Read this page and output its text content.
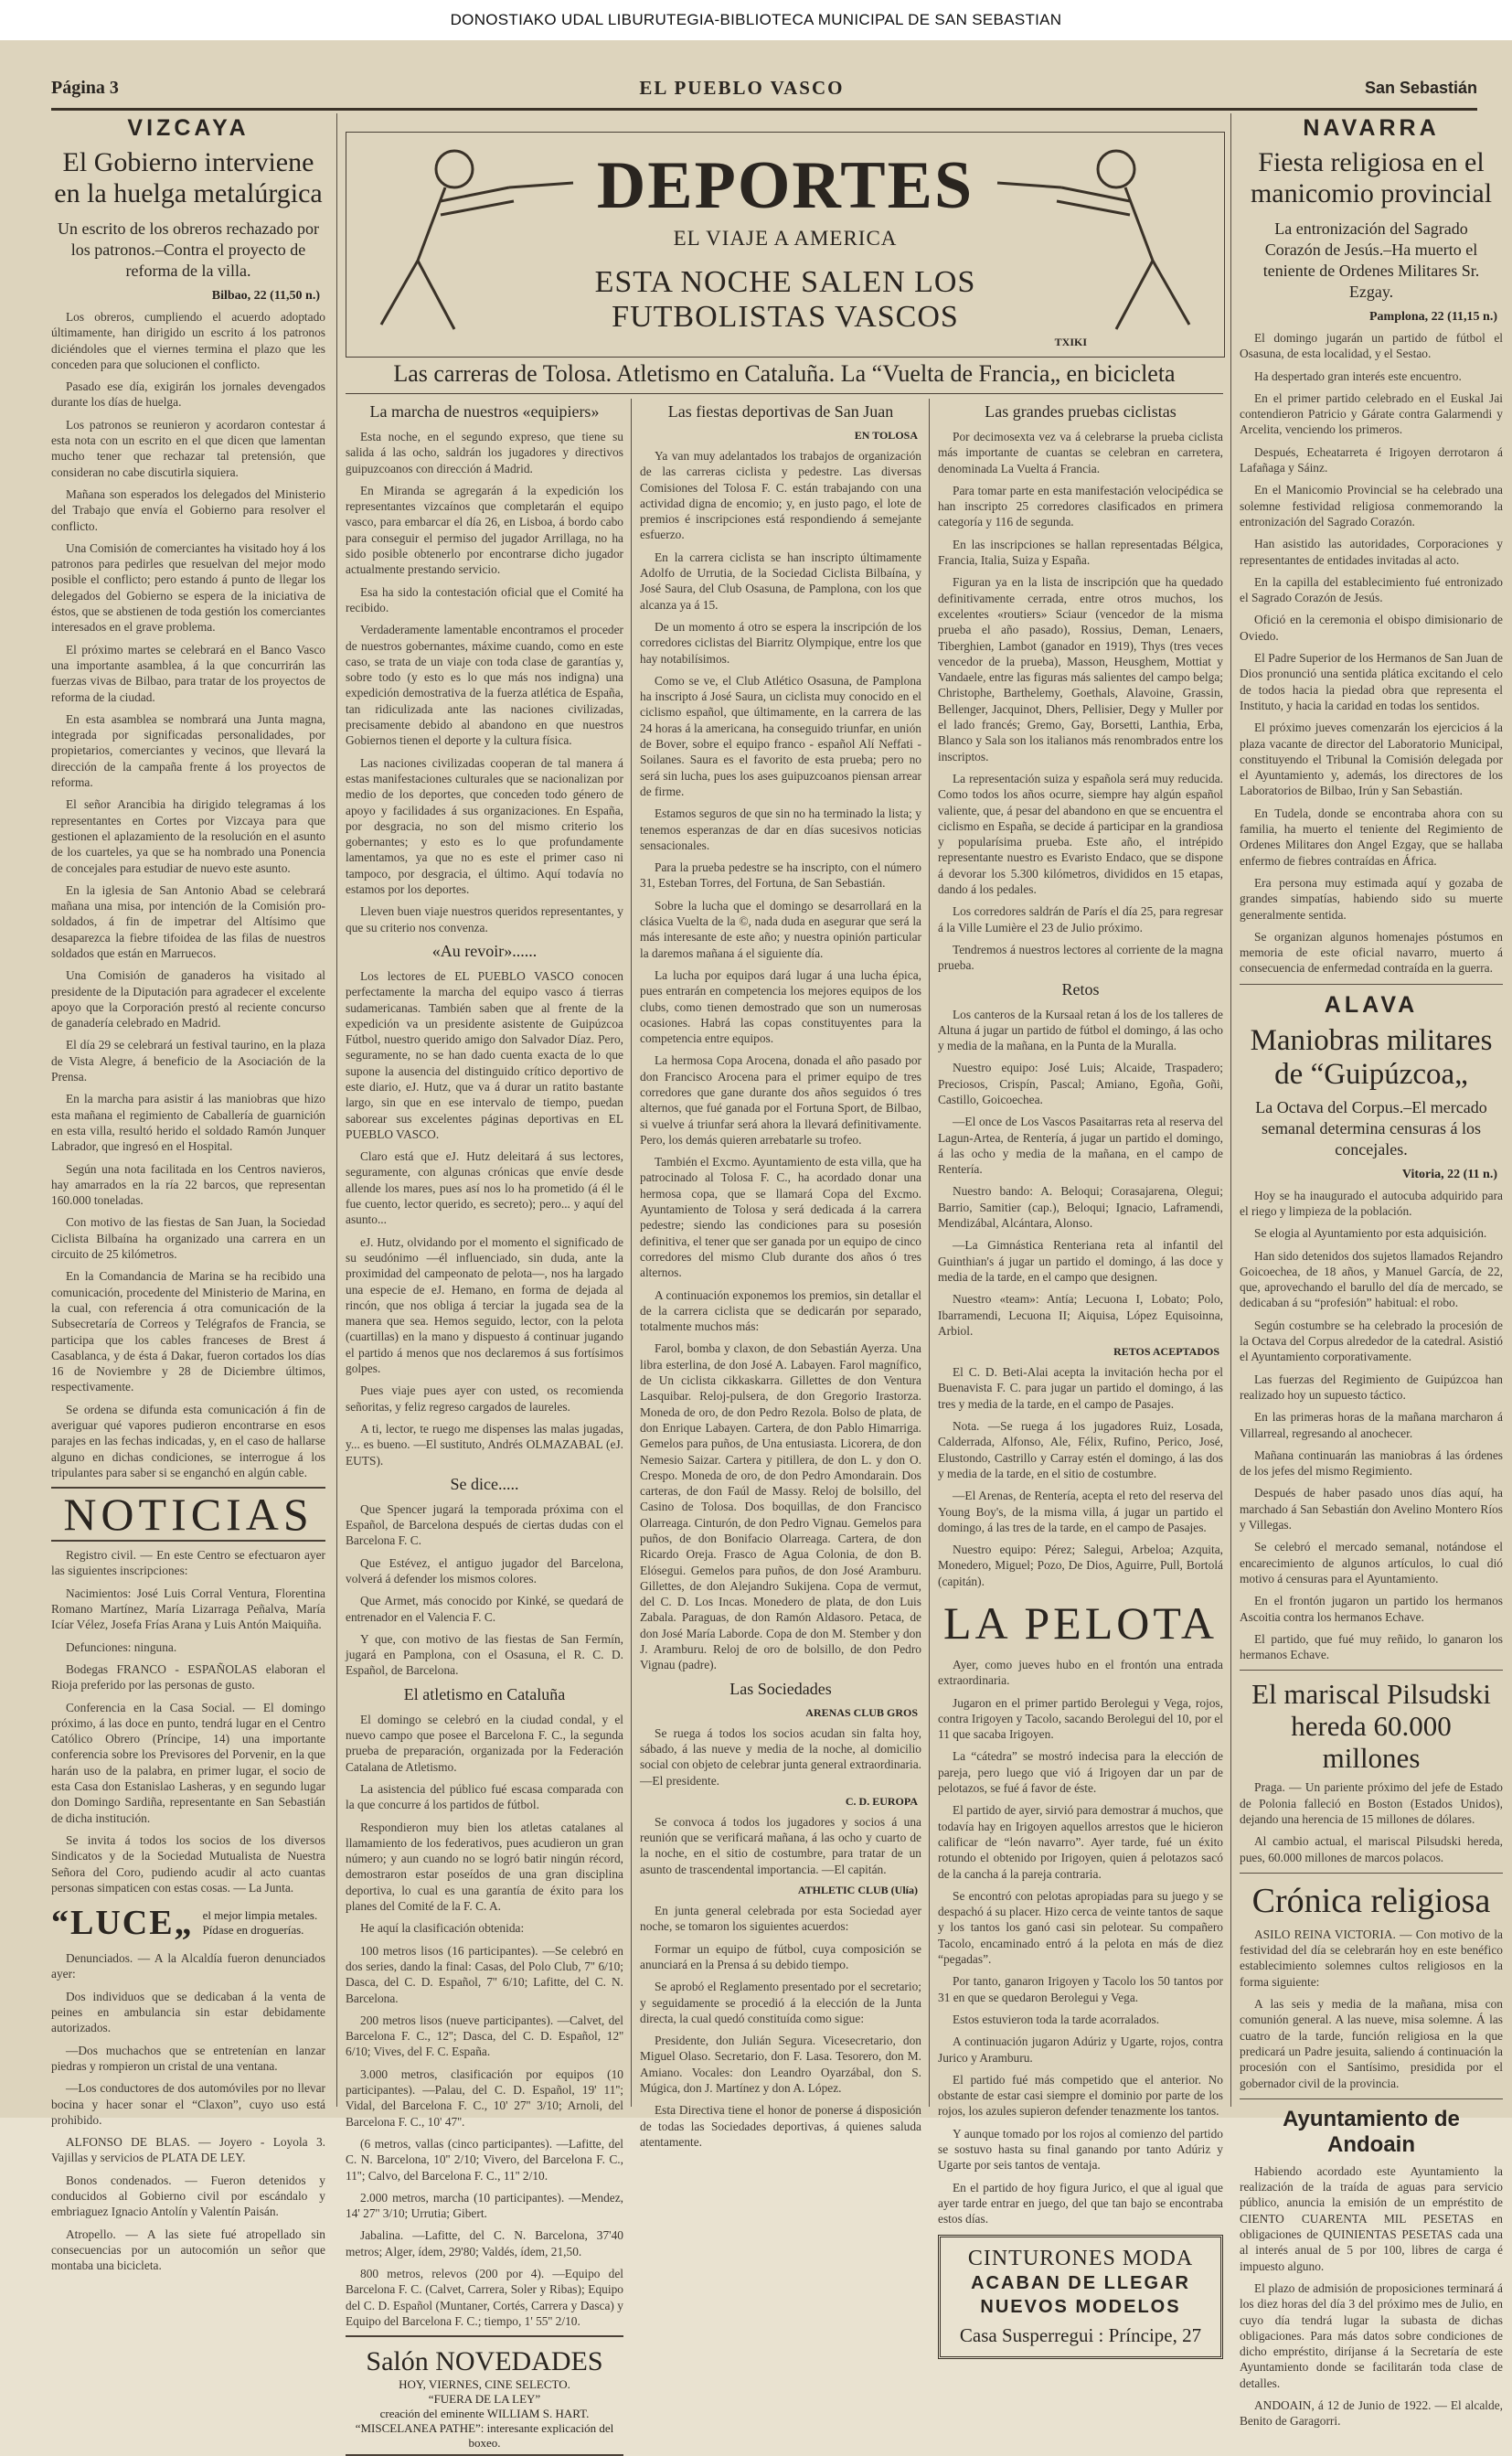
DONOSTIAKO UDAL LIBURUTEGIA-BIBLIOTECA MUNICIPAL DE SAN SEBASTIAN
Página 3	EL PUEBLO VASCO	San Sebastián
DEPORTES
EL VIAJE A AMERICA
ESTA NOCHE SALEN LOS FUTBOLISTAS VASCOS
TXIKI
Las carreras de Tolosa. Atletismo en Cataluña. La “Vuelta de Francia„ en bicicleta
VIZCAYA
El Gobierno interviene en la huelga metalúrgica
Un escrito de los obreros rechazado por los patronos.–Contra el proyecto de reforma de la villa.
Bilbao, 22 (11,50 n.)

Los obreros, cumpliendo el acuerdo adoptado últimamente, han dirigido un escrito á los patronos diciéndoles que el viernes termina el plazo que les conceden para que solucionen el conflicto.

Pasado ese día, exigirán los jornales devengados durante los días de huelga.

Los patronos se reunieron y acordaron contestar á esta nota con un escrito en el que dicen que lamentan mucho tener que rechazar tal pretensión, que consideran no cabe discutirla siquiera.

Mañana son esperados los delegados del Ministerio del Trabajo que envía el Gobierno para resolver el conflicto.

Una Comisión de comerciantes ha visitado hoy á los patronos para pedirles que resuelvan del mejor modo posible el conflicto; pero estando á punto de llegar los delegados del Gobierno se espera de la iniciativa de éstos, que se abstienen de toda gestión los comerciantes interesados en el grave problema.

El próximo martes se celebrará en el Banco Vasco una importante asamblea, á la que concurrirán las fuerzas vivas de Bilbao, para tratar de los proyectos de reforma de la ciudad.

En esta asamblea se nombrará una Junta magna, integrada por significadas personalidades, por propietarios, comerciantes y vecinos, que llevará la dirección de la campaña frente á los proyectos de reforma.

El señor Arancibia ha dirigido telegramas á los representantes en Cortes por Vizcaya para que gestionen el aplazamiento de la resolución en el asunto de los cuarteles, ya que se ha nombrado una Ponencia de concejales para estudiar de nuevo este asunto.

En la iglesia de San Antonio Abad se celebrará mañana una misa, por intención de la Comisión pro-soldados, á fin de impetrar del Altísimo que desaparezca la fiebre tifoidea de las filas de nuestros soldados que están en Marruecos.

Una Comisión de ganaderos ha visitado al presidente de la Diputación para agradecer el excelente apoyo que la Corporación prestó al reciente concurso de ganadería celebrado en Madrid.

El día 29 se celebrará un festival taurino, en la plaza de Vista Alegre, á beneficio de la Asociación de la Prensa.

En la marcha para asistir á las maniobras que hizo esta mañana el regimiento de Caballería de guarnición en esta villa, resultó herido el soldado Ramón Junquer Labrador, que ingresó en el Hospital.

Según una nota facilitada en los Centros navieros, hay amarrados en la ría 22 barcos, que representan 160.000 toneladas.

Con motivo de las fiestas de San Juan, la Sociedad Ciclista Bilbaína ha organizado una carrera en un circuito de 25 kilómetros.

En la Comandancia de Marina se ha recibido una comunicación, procedente del Ministerio de Marina, en la cual, con referencia á otra comunicación de la Subsecretaría de Correos y Telégrafos de Francia, se participa que los cables franceses de Brest á Casablanca, y de ésta á Dakar, fueron cortados los días 16 de Noviembre y 28 de Diciembre últimos, respectivamente.

Se ordena se difunda esta comunicación á fin de averiguar qué vapores pudieron encontrarse en esos parajes en las fechas indicadas, y, en el caso de hallarse alguno en dichas condiciones, se interrogue á los tripulantes para saber si se enganchó en algún cable.

NOTICIAS

Registro civil. — En este Centro se efectuaron ayer las siguientes inscripciones:

Nacimientos: José Luis Corral Ventura, Florentina Romano Martínez, María Lizarraga Peñalva, María Icíar Vélez, Josefa Frías Arana y Luis Antón Maiquiña.

Defunciones: ninguna.

Bodegas FRANCO - ESPAÑOLAS elaboran el Rioja preferido por las personas de gusto.

Conferencia en la Casa Social. — El domingo próximo, á las doce en punto, tendrá lugar en el Centro Católico Obrero (Príncipe, 14) una importante conferencia sobre los Previsores del Porvenir, en la que harán uso de la palabra, en primer lugar, el socio de esta Casa don Estanislao Lasheras, y en segundo lugar don Domingo Sardiña, representante en San Sebastián de dicha institución.

Se invita á todos los socios de los diversos Sindicatos y de la Sociedad Mutualista de Nuestra Señora del Coro, pudiendo acudir al acto cuantas personas simpaticen con estas cosas. — La Junta.

“LUCE„ el mejor limpia metales. Pídase en droguerías.

Denunciados. — A la Alcaldía fueron denunciados ayer:

Dos individuos que se dedicaban á la venta de peines en ambulancia sin estar debidamente autorizados.

—Dos muchachos que se entretenían en lanzar piedras y rompieron un cristal de una ventana.

—Los conductores de dos automóviles por no llevar bocina y hacer sonar el “Claxon”, cuyo uso está prohibido.

ALFONSO DE BLAS. — Joyero - Loyola 3. Vajillas y servicios de PLATA DE LEY.

Bonos condenados. — Fueron detenidos y conducidos al Gobierno civil por escándalo y embriaguez Ignacio Antolín y Valentín Paisán.

Atropello. — A las siete fué atropellado sin consecuencias por un autocomión un señor que montaba una bicicleta.

La marcha de nuestros «equipiers»

Esta noche, en el segundo expreso, que tiene su salida á las ocho, saldrán los jugadores y directivos guipuzcoanos con dirección á Madrid.

En Miranda se agregarán á la expedición los representantes vizcaínos que completarán el equipo vasco, para embarcar el día 26, en Lisboa, á bordo cabo para conseguir el permiso del jugador Arrillaga, no ha sido posible obtenerlo por encontrarse dicho jugador actualmente prestando servicio.

Esa ha sido la contestación oficial que el Comité ha recibido.

Verdaderamente lamentable encontramos el proceder de nuestros gobernantes, máxime cuando, como en este caso, se trata de un viaje con toda clase de garantías y, sobre todo (y esto es lo que más nos indigna) una expedición demostrativa de la fuerza atlética de España, tan ridiculizada ante las naciones civilizadas, precisamente debido al abandono en que nuestros Gobiernos tienen el deporte y la cultura física.

Las naciones civilizadas cooperan de tal manera á estas manifestaciones culturales que se nacionalizan por medio de los deportes, que conceden todo género de apoyo y facilidades á sus organizaciones. En España, por desgracia, no son del mismo criterio los gobernantes; y esto es lo que profundamente lamentamos, ya que no es este el primer caso ni tampoco, por desgracia, el último. Aquí todavía no estamos por los deportes.

Lleven buen viaje nuestros queridos representantes, y que su criterio nos convenza.

«Au revoir»......

Los lectores de EL PUEBLO VASCO conocen perfectamente la marcha del equipo vasco á tierras sudamericanas. También saben que al frente de la expedición va un presidente asistente de Guipúzcoa Fútbol, nuestro querido amigo don Salvador Díaz. Pero, seguramente, no se han dado cuenta exacta de lo que supone la ausencia del distinguido crítico deportivo de este diario, eJ. Hutz, que va á durar un ratito bastante largo, sin que en ese intervalo de tiempo, puedan saborear sus excelentes páginas deportivas en EL PUEBLO VASCO.

Claro está que eJ. Hutz deleitará á sus lectores, seguramente, con algunas crónicas que envíe desde allende los mares, pues así nos lo ha prometido (á él le fue cuento, lector querido, es secreto); pero... y aquí del asunto...

eJ. Hutz, olvidando por el momento el significado de su seudónimo —él influenciado, sin duda, ante la proximidad del campeonato de pelota—, nos ha largado una especie de eJ. Hemano, en forma de dejada al rincón, que nos obliga á terciar la jugada sea de la manera que sea. Hemos seguido, lector, con la pelota (cuartillas) en la mano y dispuesto á continuar jugando el partido á menos que nos declaremos á sus fortísimos golpes.

Pues viaje pues ayer con usted, os recomienda señoritas, y feliz regreso cargados de laureles.

A ti, lector, te ruego me dispenses las malas jugadas, y... es bueno. —El sustituto, Andrés OLMAZABAL (eJ. EUTS).

Se dice.....

Que Spencer jugará la temporada próxima con el Español, de Barcelona después de ciertas dudas con el Barcelona F. C.

Que Estévez, el antiguo jugador del Barcelona, volverá á defender los mismos colores.

Que Armet, más conocido por Kinké, se quedará de entrenador en el Valencia F. C.

Y que, con motivo de las fiestas de San Fermín, jugará en Pamplona, con el Osasuna, el R. C. D. Español, de Barcelona.

El atletismo en Cataluña

El domingo se celebró en la ciudad condal, y el nuevo campo que posee el Barcelona F. C., la segunda prueba de preparación, organizada por la Federación Catalana de Atletismo.

La asistencia del público fué escasa comparada con la que concurre á los partidos de fútbol.

Respondieron muy bien los atletas catalanes al llamamiento de los federativos, pues acudieron un gran número; y aun cuando no se logró batir ningún récord, demostraron estar poseídos de una gran disciplina deportiva, lo cual es una garantía de éxito para los planes del Comité de la F. C. A.

He aquí la clasificación obtenida:

100 metros lisos (16 participantes). —Se celebró en dos series, dando la final: Casas, del Polo Club, 7'' 6/10; Dasca, del C. D. Español, 7'' 6/10; Lafitte, del C. N. Barcelona.

200 metros lisos (nueve participantes). —Calvet, del Barcelona F. C., 12''; Dasca, del C. D. Español, 12'' 6/10; Vives, del F. C. España.

3.000 metros, clasificación por equipos (10 participantes). —Palau, del C. D. Español, 19' 11''; Vidal, del Barcelona F. C., 10' 27'' 3/10; Arnoli, del Barcelona F. C., 10' 47''.

(6 metros, vallas (cinco participantes). —Lafitte, del C. N. Barcelona, 10'' 2/10; Vivero, del Barcelona F. C., 11''; Calvo, del Barcelona F. C., 11'' 2/10.

2.000 metros, marcha (10 participantes). —Mendez, 14' 27'' 3/10; Urrutia; Gibert.

Jabalina. —Lafitte, del C. N. Barcelona, 37'40 metros; Alger, ídem, 29'80; Valdés, ídem, 21,50.

800 metros, relevos (200 por 4). —Equipo del Barcelona F. C. (Calvet, Carrera, Soler y Ribas); Equipo del C. D. Español (Muntaner, Cortés, Carrera y Dasca) y Equipo del Barcelona F. C.; tiempo, 1' 55'' 2/10.

Salón NOVEDADES
HOY, VIERNES, CINE SELECTO.
“FUERA DE LA LEY”
creación del eminente WILLIAM S. HART.
“MISCELANEA PATHE”: interesante explicación del boxeo.
Las fiestas deportivas de San Juan
EN TOLOSA

Ya van muy adelantados los trabajos de organización de las carreras ciclista y pedestre. Las diversas Comisiones del Tolosa F. C. están trabajando con una actividad digna de encomio; y, en justo pago, el lote de premios é inscripciones está respondiendo á semejante esfuerzo.

En la carrera ciclista se han inscripto últimamente Adolfo de Urrutia, de la Sociedad Ciclista Bilbaína, y José Saura, del Club Osasuna, de Pamplona, con los que alcanza ya á 15.

De un momento á otro se espera la inscripción de los corredores ciclistas del Biarritz Olympique, entre los que hay notabilísimos.

Como se ve, el Club Atlético Osasuna, de Pamplona ha inscripto á José Saura, un ciclista muy conocido en el ciclismo español, que últimamente, en la carrera de las 24 horas á la americana, ha conseguido triunfar, en unión de Bover, sobre el equipo franco - español Alí Neffati - Soilanes. Saura es el favorito de esta prueba; pero no será sin lucha, pues los ases guipuzcoanos piensan arrear de firme.

Estamos seguros de que sin no ha terminado la lista; y tenemos esperanzas de dar en días sucesivos noticias sensacionales.

Para la prueba pedestre se ha inscripto, con el número 31, Esteban Torres, del Fortuna, de San Sebastián.

Sobre la lucha que el domingo se desarrollará en la clásica Vuelta de la ©, nada duda en asegurar que será la más interesante de este año; y nuestra opinión particular la daremos mañana á el siguiente día.

La lucha por equipos dará lugar á una lucha épica, pues entrarán en competencia los mejores equipos de los clubs, como tienen demostrado que son un numerosas ocasiones. Habrá las copas constituyentes para la competencia entre equipos.

La hermosa Copa Arocena, donada el año pasado por don Francisco Arocena para el primer equipo de tres corredores que gane durante dos años seguidos ó tres alternos, que fué ganada por el Fortuna Sport, de Bilbao, si vuelve á triunfar será ahora la llevará definitivamente. Pero, los demás quieren arrebatarle su trofeo.

También el Excmo. Ayuntamiento de esta villa, que ha patrocinado al Tolosa F. C., ha acordado donar una hermosa copa, que se llamará Copa del Excmo. Ayuntamiento de Tolosa y será dedicada á la carrera pedestre; siendo las condiciones para su posesión definitiva, el tener que ser ganada por un equipo de cinco corredores del mismo Club durante dos años ó tres alternos.

A continuación exponemos los premios, sin detallar el de la carrera ciclista que se dedicarán por separado, totalmente muchos más:

Farol, bomba y claxon, de don Sebastián Ayerza. Una libra esterlina, de don José A. Labayen. Farol magnífico, de Un ciclista cikkaskarra. Gillettes de don Ventura Lasquibar. Reloj-pulsera, de don Gregorio Irastorza. Moneda de oro, de don Pedro Rezola. Bolso de plata, de don Enrique Labayen. Cartera, de don Pablo Himarriga. Gemelos para puños, de Una entusiasta. Licorera, de don Nemesio Saizar. Cartera y pitillera, de don L. y don O. Crespo. Moneda de oro, de don Pedro Amondarain. Dos carteras, de don Faúl de Massy. Reloj de bolsillo, del Casino de Tolosa. Dos boquillas, de don Francisco Olarreaga. Cinturón, de don Pedro Vignau. Gemelos para puños, de don Bonifacio Olarreaga. Cartera, de don Ricardo Oreja. Frasco de Agua Colonia, de don B. Elósegui. Gemelos para puños, de don José Aramburu. Gillettes, de don Alejandro Sukijena. Copa de vermut, del C. D. Los Incas. Monedero de plata, de don Luis Zabala. Paraguas, de don Ramón Aldasoro. Petaca, de don José María Laborde. Copa de don M. Stember y don J. Aramburu. Reloj de oro de bolsillo, de don Pedro Vignau (padre).

Las Sociedades
ARENAS CLUB GROS

Se ruega á todos los socios acudan sin falta hoy, sábado, á las nueve y media de la noche, al domicilio social con objeto de celebrar junta general extraordinaria. —El presidente.

C. D. EUROPA

Se convoca á todos los jugadores y socios á una reunión que se verificará mañana, á las ocho y cuarto de la noche, en el sitio de costumbre, para tratar de un asunto de trascendental importancia. —El capitán.

ATHLETIC CLUB (Ulía)

En junta general celebrada por esta Sociedad ayer noche, se tomaron los siguientes acuerdos:

Formar un equipo de fútbol, cuya composición se anunciará en la Prensa á su debido tiempo.

Se aprobó el Reglamento presentado por el secretario; y seguidamente se procedió á la elección de la Junta directa, la cual quedó constituída como sigue:

Presidente, don Julián Segura. Vicesecretario, don Miguel Olaso. Secretario, don F. Lasa. Tesorero, don M. Amiano. Vocales: don Leandro Oyarzábal, don S. Múgica, don J. Martínez y don A. López.

Esta Directiva tiene el honor de ponerse á disposición de todas las Sociedades deportivas, á quienes saluda atentamente.

Las grandes pruebas ciclistas

Por decimosexta vez va á celebrarse la prueba ciclista más importante de cuantas se celebran en carretera, denominada La Vuelta á Francia.

Para tomar parte en esta manifestación velocipédica se han inscripto 25 corredores clasificados en primera categoría y 116 de segunda.

En las inscripciones se hallan representadas Bélgica, Francia, Italia, Suiza y España.

Figuran ya en la lista de inscripción que ha quedado definitivamente cerrada, entre otros muchos, los excelentes «routiers» Sciaur (vencedor de la misma prueba el año pasado), Rossius, Deman, Lenaers, Tiberghien, Lambot (ganador en 1919), Thys (tres veces vencedor de la prueba), Masson, Heusghem, Mottiat y Vandaele, entre las figuras más salientes del campo belga; Christophe, Barthelemy, Goethals, Alavoine, Grassin, Bellenger, Jacquinot, Dhers, Pellisier, Degy y Muller por el lado francés; Gremo, Gay, Borsetti, Lanthia, Erba, Blanco y Sala son los italianos más renombrados entre los inscriptos.

La representación suiza y española será muy reducida. Como todos los años ocurre, siempre hay algún español valiente, que, á pesar del abandono en que se encuentra el ciclismo en España, se decide á participar en la grandiosa y popularísima prueba. Este año, el intrépido representante nuestro es Evaristo Endaco, que se dispone á devorar los 5.300 kilómetros, divididos en 15 etapas, dando á los pedales.

Los corredores saldrán de París el día 25, para regresar á la Ville Lumière el 23 de Julio próximo.

Tendremos á nuestros lectores al corriente de la magna prueba.

Retos

Los canteros de la Kursaal retan á los de los talleres de Altuna á jugar un partido de fútbol el domingo, á las ocho y media de la mañana, en la Punta de la Muralla.

Nuestro equipo: José Luis; Alcaide, Traspadero; Preciosos, Crispín, Pascal; Amiano, Egoña, Goñi, Castillo, Goicoechea.

—El once de Los Vascos Pasaitarras reta al reserva del Lagun-Artea, de Rentería, á jugar un partido el domingo, á las ocho y media de la mañana, en el campo de Rentería.

Nuestro bando: A. Beloqui; Corasajarena, Olegui; Barrio, Samitier (cap.), Beloqui; Ignacio, Laframendi, Mendizábal, Alcántara, Alonso.

—La Gimnástica Renteriana reta al infantil del Guinthian's á jugar un partido el domingo, á las doce y media de la tarde, en el campo que designen.

Nuestro «team»: Antía; Lecuona I, Lobato; Polo, Ibarramendi, Lecuona II; Aiquisa, López Equisoinna, Arbiol.

RETOS ACEPTADOS

El C. D. Beti-Alai acepta la invitación hecha por el Buenavista F. C. para jugar un partido el domingo, á las tres y media de la tarde, en el campo de Pasajes.

Nota. —Se ruega á los jugadores Ruiz, Losada, Calderrada, Alfonso, Ale, Félix, Rufino, Perico, José, Elustondo, Castrillo y Carray estén el domingo, á las dos y media de la tarde, en el sitio de costumbre.

—El Arenas, de Rentería, acepta el reto del reserva del Young Boy's, de la misma villa, á jugar un partido el domingo, á las tres de la tarde, en el campo de Pasajes.

Nuestro equipo: Pérez; Salegui, Arbeloa; Azquita, Monedero, Miguel; Pozo, De Dios, Aguirre, Pull, Bortolá (capitán).

LA PELOTA

Ayer, como jueves hubo en el frontón una entrada extraordinaria.

Jugaron en el primer partido Berolegui y Vega, rojos, contra Irigoyen y Tacolo, sacando Berolegui del 10, por el 11 que sacaba Irigoyen.

La “cátedra” se mostró indecisa para la elección de pareja, pero luego que vió á Irigoyen dar un par de pelotazos, se fué á favor de éste.

El partido de ayer, sirvió para demostrar á muchos, que todavía hay en Irigoyen aquellos arrestos que le hicieron calificar de “león navarro”. Ayer tarde, fué un éxito rotundo el obtenido por Irigoyen, quien á pelotazos sacó de la cancha á la pareja contraria.

Se encontró con pelotas apropiadas para su juego y se despachó á su placer. Hizo cerca de veinte tantos de saque y los tantos los ganó casi sin pelotear. Su compañero Tacolo, encaminado entró á la pelota en más de diez “pegadas”.

Por tanto, ganaron Irigoyen y Tacolo los 50 tantos por 31 en que se quedaron Berolegui y Vega.

Estos estuvieron toda la tarde acorralados.

A continuación jugaron Adúriz y Ugarte, rojos, contra Jurico y Aramburu.

El partido fué más competido que el anterior. No obstante de estar casi siempre el dominio por parte de los rojos, los azules supieron defender tenazmente los tantos.

Y aunque tomado por los rojos al comienzo del partido se sostuvo hasta su final ganando por tanto Adúriz y Ugarte por seis tantos de ventaja.

En el partido de hoy figura Jurico, el que al igual que ayer tarde entrar en juego, del que tan bajo se encontraba estos días.

CINTURONES MODA
ACABAN DE LLEGAR
NUEVOS MODELOS
Casa Susperregui : Príncipe, 27
NAVARRA
Fiesta religiosa en el manicomio provincial
La entronización del Sagrado Corazón de Jesús.–Ha muerto el teniente de Ordenes Militares Sr. Ezgay.
Pamplona, 22 (11,15 n.)

El domingo jugarán un partido de fútbol el Osasuna, de esta localidad, y el Sestao.

Ha despertado gran interés este encuentro.

En el primer partido celebrado en el Euskal Jai contendieron Patricio y Gárate contra Galarmendi y Arcelita, venciendo los primeros.

Después, Echeatarreta é Irigoyen derrotaron á Lafañaga y Sáinz.

En el Manicomio Provincial se ha celebrado una solemne festividad religiosa conmemorando la entronización del Sagrado Corazón.

Han asistido las autoridades, Corporaciones y representantes de entidades invitadas al acto.

En la capilla del establecimiento fué entronizado el Sagrado Corazón de Jesús.

Ofició en la ceremonia el obispo dimisionario de Oviedo.

El Padre Superior de los Hermanos de San Juan de Dios pronunció una sentida plática excitando el celo de todos hacia la piedad obra que representa el Instituto, y hacia la caridad en todas los sentidos.

El próximo jueves comenzarán los ejercicios á la plaza vacante de director del Laboratorio Municipal, constituyendo el Tribunal la Comisión delegada por el Ayuntamiento y, además, los directores de los Laboratorios de Bilbao, Irún y San Sebastián.

En Tudela, donde se encontraba ahora con su familia, ha muerto el teniente del Regimiento de Ordenes Militares don Angel Ezgay, que se hallaba enfermo de fiebres contraídas en África.

Era persona muy estimada aquí y gozaba de grandes simpatías, habiendo sido su muerte generalmente sentida.

Se organizan algunos homenajes póstumos en memoria de este oficial navarro, muerto á consecuencia de enfermedad contraída en la guerra.

ALAVA
Maniobras militares de “Guipúzcoa„
La Octava del Corpus.–El mercado semanal determina censuras á los concejales.
Vitoria, 22 (11 n.)

Hoy se ha inaugurado el autocuba adquirido para el riego y limpieza de la población.

Se elogia al Ayuntamiento por esta adquisición.

Han sido detenidos dos sujetos llamados Rejandro Goicoechea, de 18 años, y Manuel García, de 22, que, aprovechando el barullo del día de mercado, se dedicaban á su “profesión” habitual: el robo.

Según costumbre se ha celebrado la procesión de la Octava del Corpus alrededor de la catedral. Asistió el Ayuntamiento corporativamente.

Las fuerzas del Regimiento de Guipúzcoa han realizado hoy un supuesto táctico.

En las primeras horas de la mañana marcharon á Villarreal, regresando al anochecer.

Mañana continuarán las maniobras á las órdenes de los jefes del mismo Regimiento.

Después de haber pasado unos días aquí, ha marchado á San Sebastián don Avelino Montero Ríos y Villegas.

Se celebró el mercado semanal, notándose el encarecimiento de algunos artículos, lo cual dió motivo á censuras para el Ayuntamiento.

En el frontón jugaron un partido los hermanos Ascoitia contra los hermanos Echave.

El partido, que fué muy reñido, lo ganaron los hermanos Echave.

El mariscal Pilsudski hereda 60.000 millones

Praga. — Un pariente próximo del jefe de Estado de Polonia falleció en Boston (Estados Unidos), dejando una herencia de 15 millones de dólares.

Al cambio actual, el mariscal Pilsudski hereda, pues, 60.000 millones de marcos polacos.

Crónica religiosa

ASILO REINA VICTORIA. — Con motivo de la festividad del día se celebrarán hoy en este benéfico establecimiento solemnes cultos religiosos en la forma siguiente:

A las seis y media de la mañana, misa con comunión general. A las nueve, misa solemne. Á las cuatro de la tarde, función religiosa en la que predicará un Padre jesuita, saliendo á continuación la procesión con el Santísimo, presidida por el gobernador civil de la provincia.

Ayuntamiento de Andoain

Habiendo acordado este Ayuntamiento la realización de la traída de aguas para servicio público, anuncia la emisión de un empréstito de CIENTO CUARENTA MIL PESETAS en obligaciones de QUINIENTAS PESETAS cada una al interés anual de 5 por 100, libres de carga é impuesto alguno.

El plazo de admisión de proposiciones terminará á los diez horas del día 3 del próximo mes de Julio, en cuyo día tendrá lugar la subasta de dichas obligaciones. Para más datos sobre condiciones de dicho empréstito, diríjanse á la Secretaría de este Ayuntamiento donde se facilitarán toda clase de detalles.

ANDOAIN, á 12 de Junio de 1922. — El alcalde, Benito de Garagorri.
